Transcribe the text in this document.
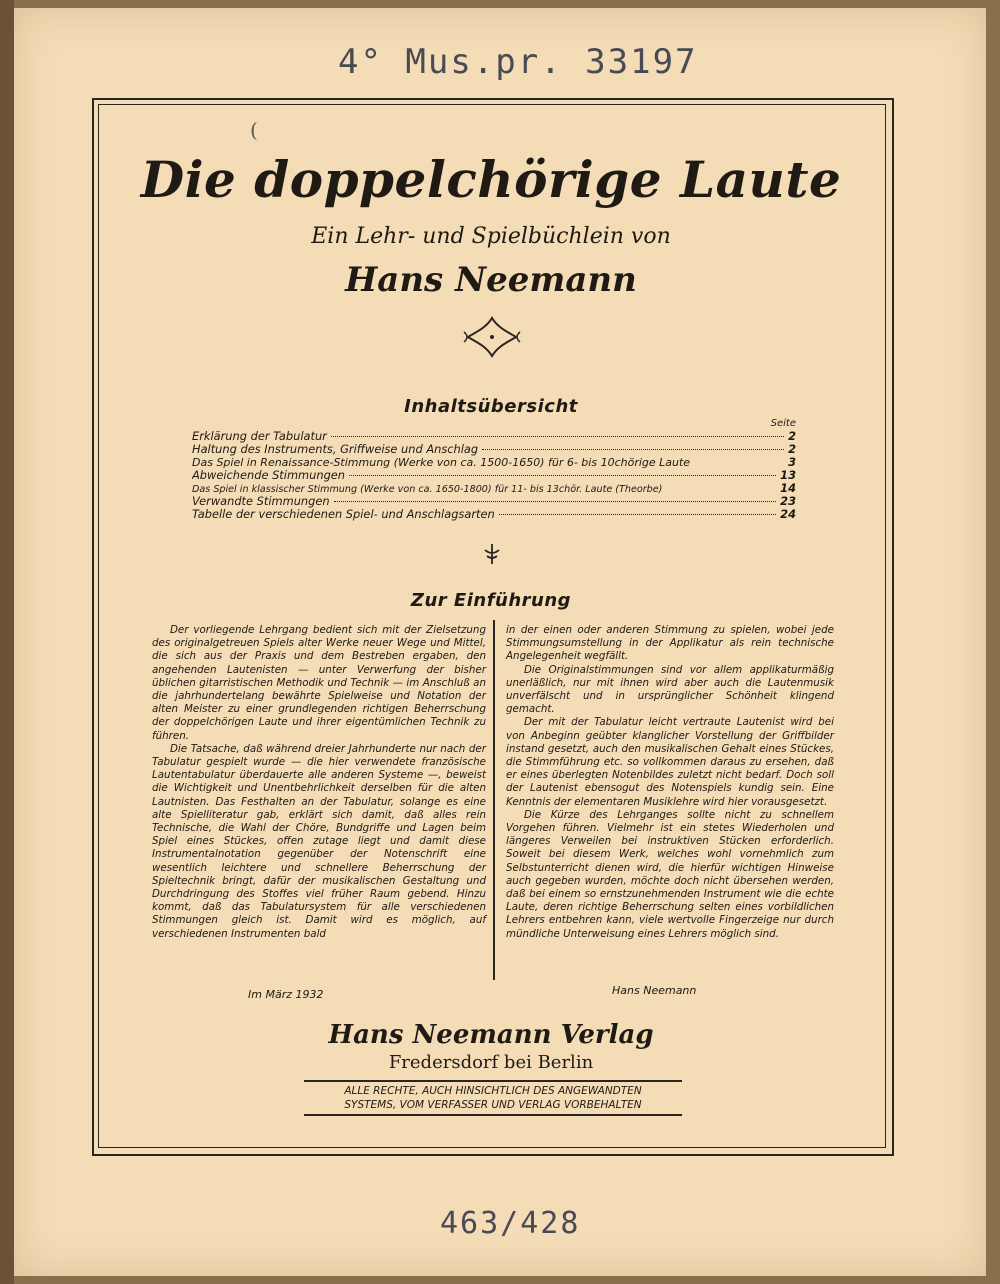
4° Mus.pr. 33197
463/428
(
Die doppelchörige Laute
Ein Lehr- und Spielbüchlein von
Hans Neemann
Inhaltsübersicht
Seite
Erklärung der Tabulatur	2
Haltung des Instruments, Griffweise und Anschlag	2
Das Spiel in Renaissance-Stimmung (Werke von ca. 1500-1650) für 6- bis 10chörige Laute	3
Abweichende Stimmungen	13
Das Spiel in klassischer Stimmung (Werke von ca. 1650-1800) für 11- bis 13chör. Laute (Theorbe)	14
Verwandte Stimmungen	23
Tabelle der verschiedenen Spiel- und Anschlagsarten	24
Zur Einführung

Der vorliegende Lehrgang bedient sich mit der Zielsetzung des originalgetreuen Spiels alter Werke neuer Wege und Mittel, die sich aus der Praxis und dem Bestreben ergaben, den angehenden Lautenisten — unter Verwerfung der bisher üblichen gitarristischen Methodik und Technik — im Anschluß an die jahrhundertelang bewährte Spielweise und Notation der alten Meister zu einer grundlegenden richtigen Beherrschung der doppelchörigen Laute und ihrer eigentümlichen Technik zu führen.

Die Tatsache, daß während dreier Jahrhunderte nur nach der Tabulatur gespielt wurde — die hier verwendete französische Lautentabulatur überdauerte alle anderen Systeme —, beweist die Wichtigkeit und Unentbehrlichkeit derselben für die alten Lautnisten. Das Festhalten an der Tabulatur, solange es eine alte Spielliteratur gab, erklärt sich damit, daß alles rein Technische, die Wahl der Chöre, Bundgriffe und Lagen beim Spiel eines Stückes, offen zutage liegt und damit diese Instrumentalnotation gegenüber der Notenschrift eine wesentlich leichtere und schnellere Beherrschung der Spieltechnik bringt, dafür der musikalischen Gestaltung und Durchdringung des Stoffes viel früher Raum gebend. Hinzu kommt, daß das Tabulatursystem für alle verschiedenen Stimmungen gleich ist. Damit wird es möglich, auf verschiedenen Instrumenten bald

in der einen oder anderen Stimmung zu spielen, wobei jede Stimmungsumstellung in der Applikatur als rein technische Angelegenheit wegfällt.

Die Originalstimmungen sind vor allem applikaturmäßig unerläßlich, nur mit ihnen wird aber auch die Lautenmusik unverfälscht und in ursprünglicher Schönheit klingend gemacht.

Der mit der Tabulatur leicht vertraute Lautenist wird bei von Anbeginn geübter klanglicher Vorstellung der Griffbilder instand gesetzt, auch den musikalischen Gehalt eines Stückes, die Stimmführung etc. so vollkommen daraus zu ersehen, daß er eines überlegten Notenbildes zuletzt nicht bedarf. Doch soll der Lautenist ebensogut des Notenspiels kundig sein. Eine Kenntnis der elementaren Musiklehre wird hier vorausgesetzt.

Die Kürze des Lehrganges sollte nicht zu schnellem Vorgehen führen. Vielmehr ist ein stetes Wiederholen und längeres Verweilen bei instruktiven Stücken erforderlich. Soweit bei diesem Werk, welches wohl vornehmlich zum Selbstunterricht dienen wird, die hierfür wichtigen Hinweise auch gegeben wurden, möchte doch nicht übersehen werden, daß bei einem so ernstzunehmenden Instrument wie die echte Laute, deren richtige Beherrschung selten eines vorbildlichen Lehrers entbehren kann, viele wertvolle Fingerzeige nur durch mündliche Unterweisung eines Lehrers möglich sind.

Im März 1932	Hans Neemann
Hans Neemann Verlag
Fredersdorf bei Berlin
ALLE RECHTE, AUCH HINSICHTLICH DES ANGEWANDTEN
SYSTEMS, VOM VERFASSER UND VERLAG VORBEHALTEN
